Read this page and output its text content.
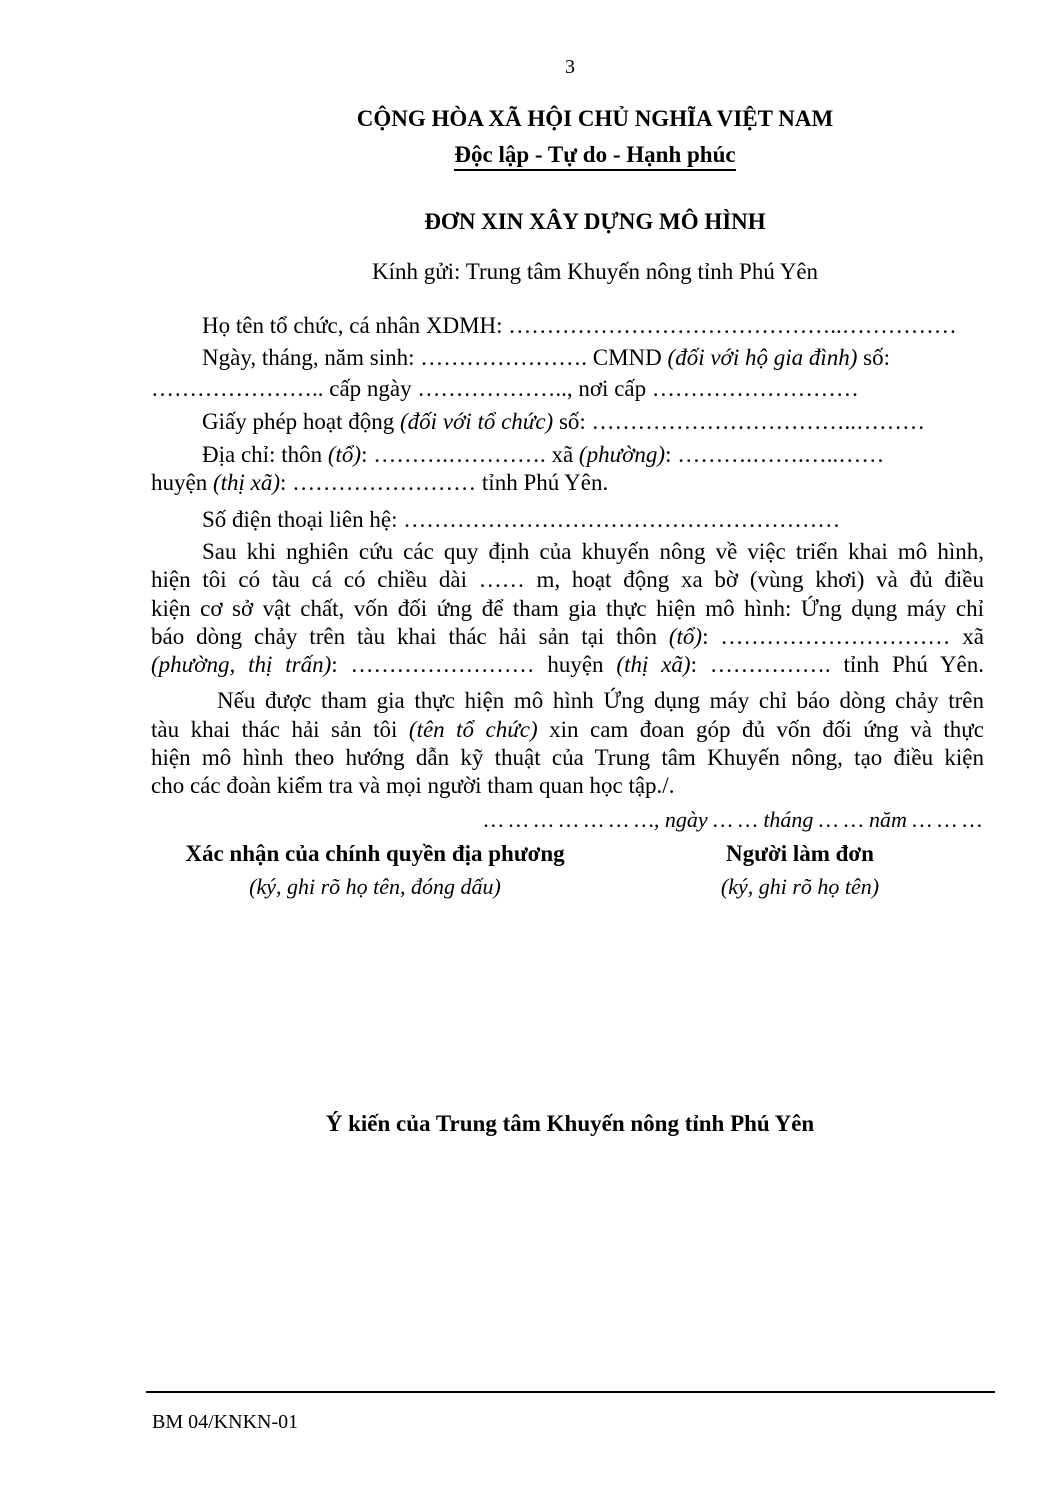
3
CỘNG HÒA XÃ HỘI CHỦ NGHĨA VIỆT NAM
Độc lập - Tự do - Hạnh phúc
ĐƠN XIN XÂY DỰNG MÔ HÌNH
Kính gửi: Trung tâm Khuyến nông tỉnh Phú Yên
Họ tên tổ chức, cá nhân XDMH: ……………………………………..……………
Ngày, tháng, năm sinh: …………………. CMND (đối với hộ gia đình) số:
………………….. cấp ngày ……………….., nơi cấp ………………………
Giấy phép hoạt động (đối với tổ chức) số: ……………………………..………
Địa chỉ: thôn (tổ): ……….…………. xã (phường): ……….…….…..……
huyện (thị xã): …………………… tỉnh Phú Yên.
Số điện thoại liên hệ: …………………………………………………
Sau khi nghiên cứu các quy định của khuyến nông về việc triển khai mô hình,
hiện tôi có tàu cá có chiều dài …… m, hoạt động xa bờ (vùng khơi) và đủ điều
kiện cơ sở vật chất, vốn đối ứng để tham gia thực hiện mô hình: Ứng dụng máy chỉ
báo dòng chảy trên tàu khai thác hải sản tại thôn (tổ): ………………………… xã
(phường, thị trấn): …………………… huyện (thị xã): ……………. tỉnh Phú Yên.
Nếu được tham gia thực hiện mô hình Ứng dụng máy chỉ báo dòng chảy trên
tàu khai thác hải sản tôi (tên tổ chức) xin cam đoan góp đủ vốn đối ứng và thực
hiện mô hình theo hướng dẫn kỹ thuật của Trung tâm Khuyến nông, tạo điều kiện
cho các đoàn kiểm tra và mọi người tham quan học tập./.
… … … … … … …, ngày … … tháng … … năm … … …
Xác nhận của chính quyền địa phương
(ký, ghi rõ họ tên, đóng dấu)
Người làm đơn
(ký, ghi rõ họ tên)
Ý kiến của Trung tâm Khuyến nông tỉnh Phú Yên
BM 04/KNKN-01
